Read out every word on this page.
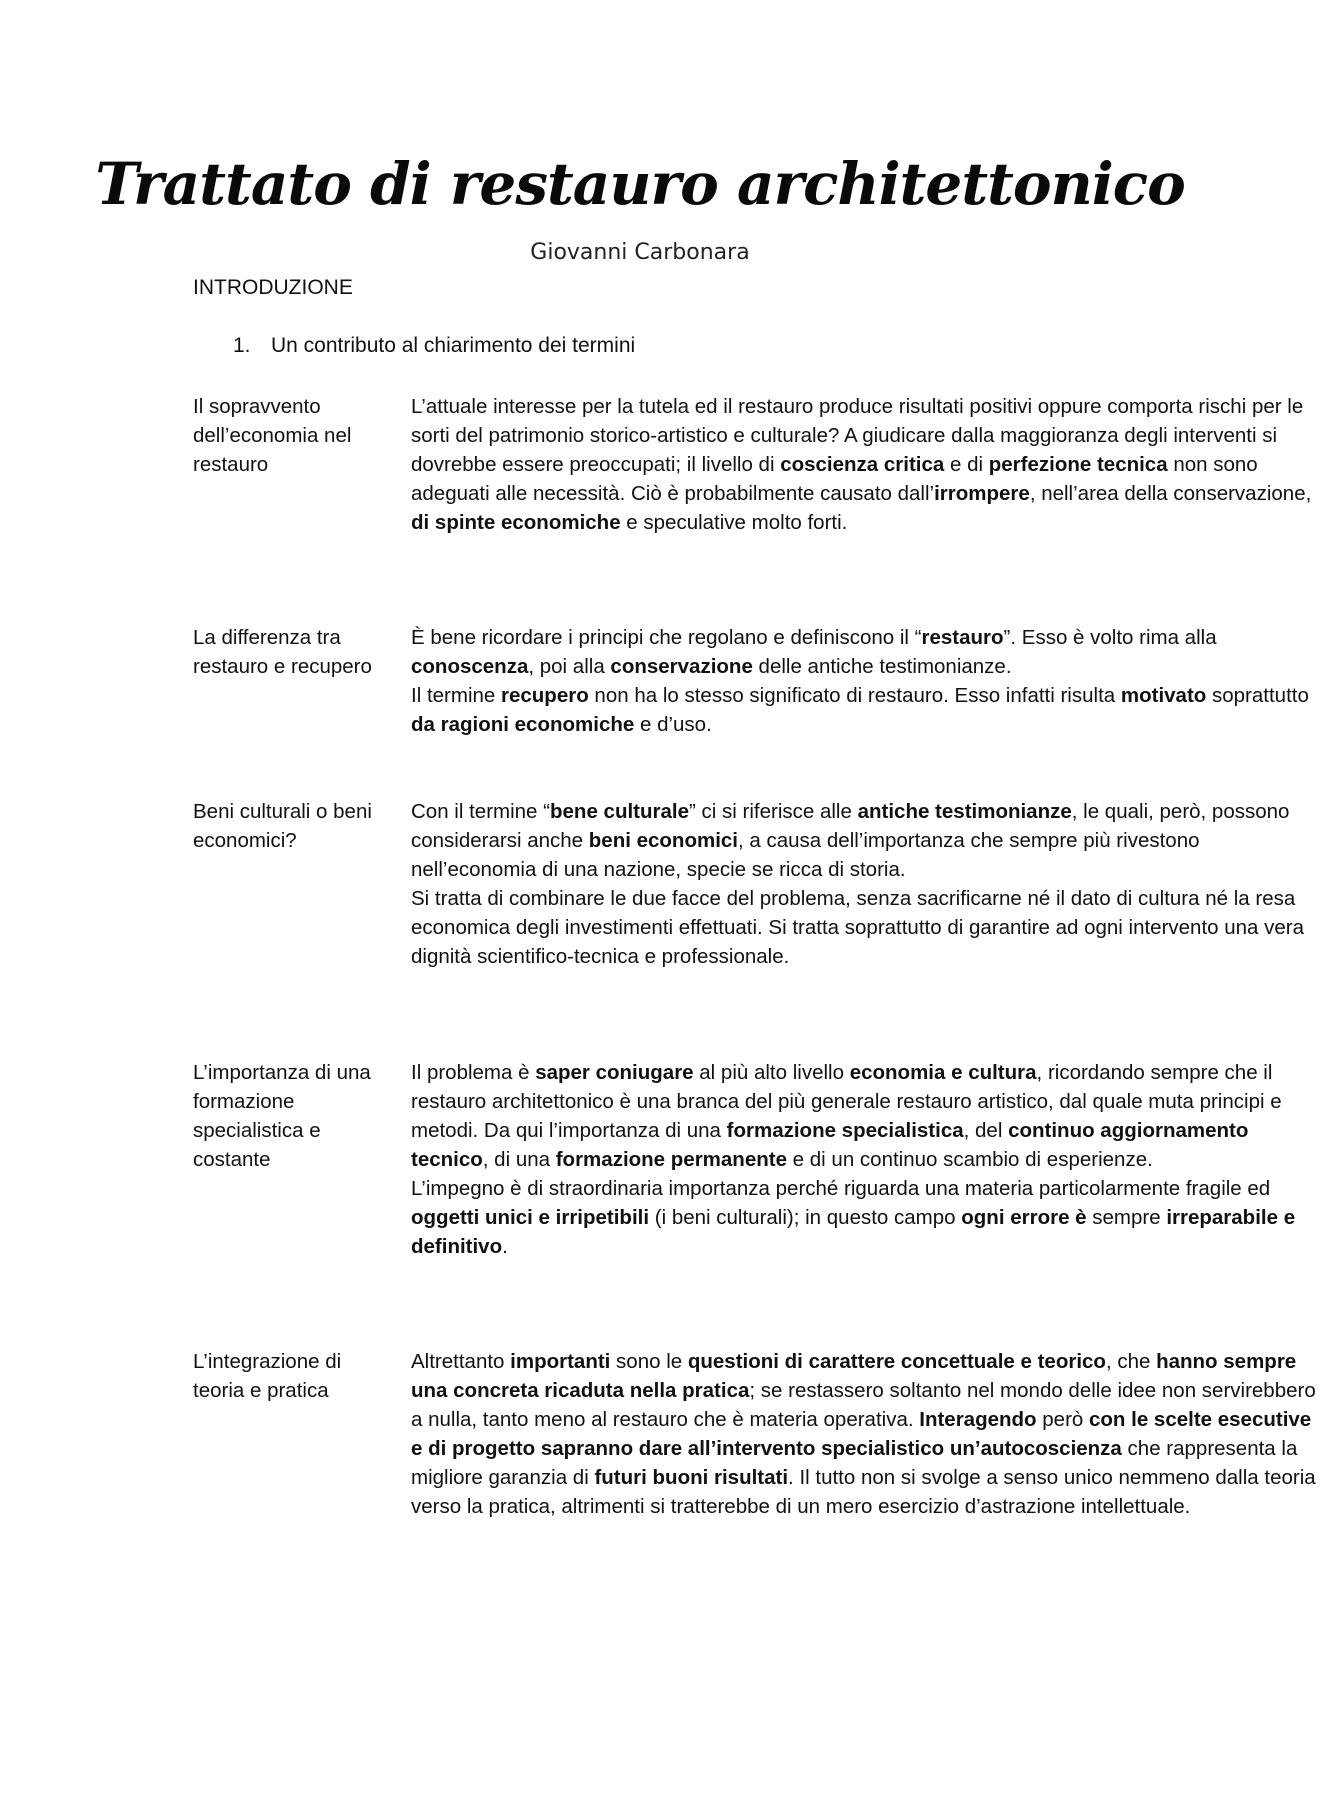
Trattato di restauro architettonico
Giovanni Carbonara
INTRODUZIONE
1. Un contributo al chiarimento dei termini
Il sopravvento dell’economia nel restauro

L’attuale interesse per la tutela ed il restauro produce risultati positivi oppure comporta rischi per le sorti del patrimonio storico-artistico e culturale? A giudicare dalla maggioranza degli interventi si dovrebbe essere preoccupati; il livello di coscienza critica e di perfezione tecnica non sono adeguati alle necessità. Ciò è probabilmente causato dall’irrompere, nell’area della conservazione, di spinte economiche e speculative molto forti.

La differenza tra restauro e recupero

È bene ricordare i principi che regolano e definiscono il “restauro”. Esso è volto rima alla conoscenza, poi alla conservazione delle antiche testimonianze.

Il termine recupero non ha lo stesso significato di restauro. Esso infatti risulta motivato soprattutto da ragioni economiche e d’uso.

Beni culturali o beni economici?

Con il termine “bene culturale” ci si riferisce alle antiche testimonianze, le quali, però, possono considerarsi anche beni economici, a causa dell’importanza che sempre più rivestono nell’economia di una nazione, specie se ricca di storia.

Si tratta di combinare le due facce del problema, senza sacrificarne né il dato di cultura né la resa economica degli investimenti effettuati. Si tratta soprattutto di garantire ad ogni intervento una vera dignità scientifico-tecnica e professionale.

L’importanza di una formazione specialistica e costante

Il problema è saper coniugare al più alto livello economia e cultura, ricordando sempre che il restauro architettonico è una branca del più generale restauro artistico, dal quale muta principi e metodi. Da qui l’importanza di una formazione specialistica, del continuo aggiornamento tecnico, di una formazione permanente e di un continuo scambio di esperienze.

L’impegno è di straordinaria importanza perché riguarda una materia particolarmente fragile ed oggetti unici e irripetibili (i beni culturali); in questo campo ogni errore è sempre irreparabile e definitivo.

L’integrazione di teoria e pratica

Altrettanto importanti sono le questioni di carattere concettuale e teorico, che hanno sempre una concreta ricaduta nella pratica; se restassero soltanto nel mondo delle idee non servirebbero a nulla, tanto meno al restauro che è materia operativa. Interagendo però con le scelte esecutive e di progetto sapranno dare all’intervento specialistico un’autocoscienza che rappresenta la migliore garanzia di futuri buoni risultati. Il tutto non si svolge a senso unico nemmeno dalla teoria verso la pratica, altrimenti si tratterebbe di un mero esercizio d’astrazione intellettuale.
